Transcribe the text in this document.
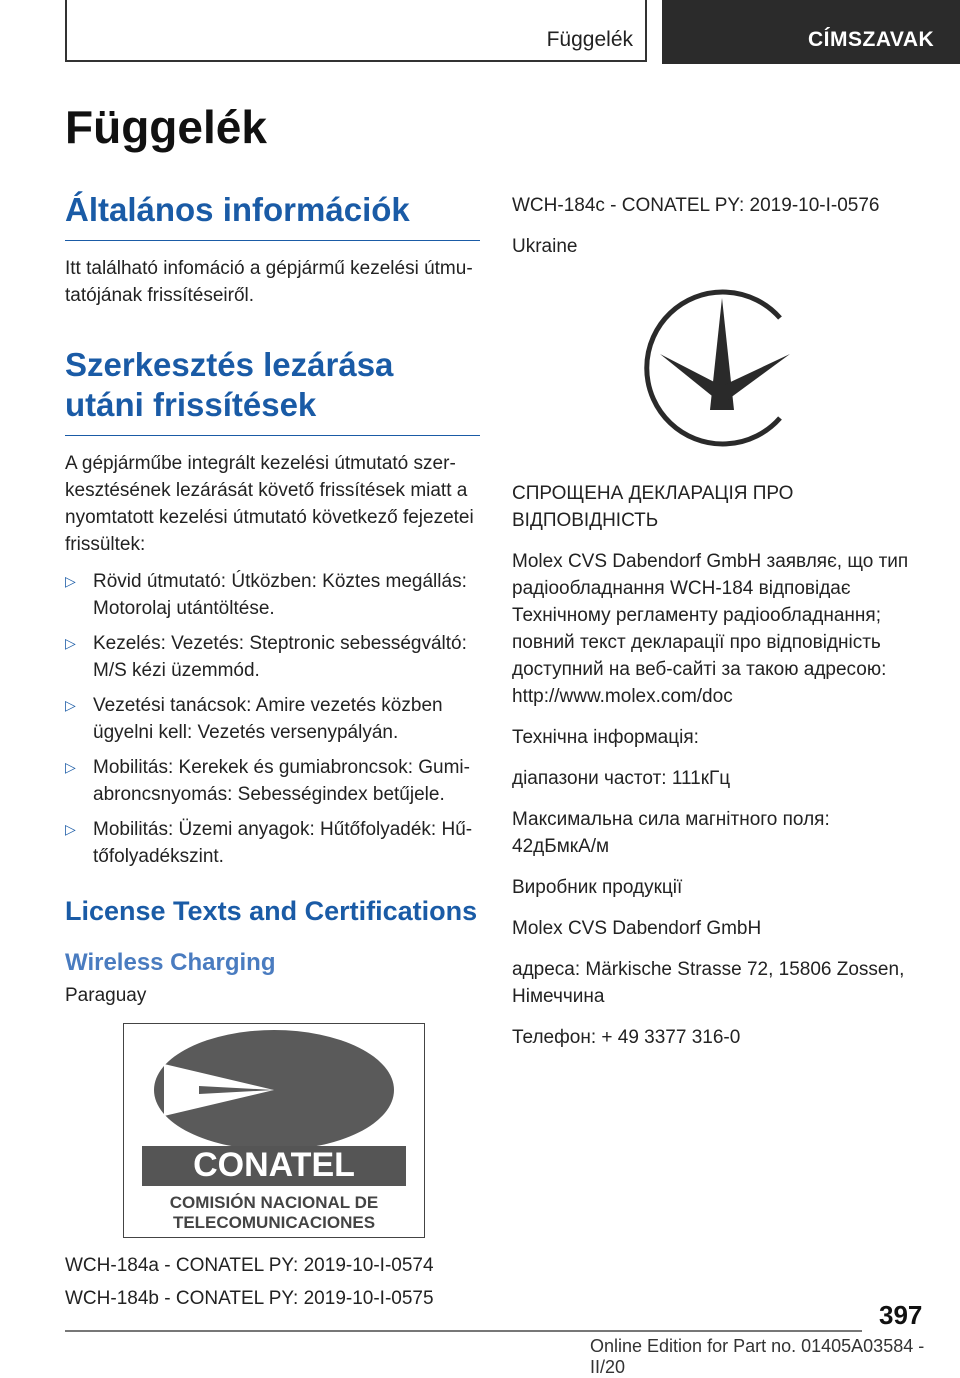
Függelék	CÍMSZAVAK
Függelék
Általános információk

Itt található infomáció a gépjármű kezelési útmutatójának frissítéseiről.

Szerkesztés lezárása utáni frissítések

A gépjárműbe integrált kezelési útmutató szerkesztésének lezárását követő frissítések miatt a nyomtatott kezelési útmutató következő fejezetei frissültek:

▷ Rövid útmutató: Útközben: Köztes megállás: Motorolaj utántöltése.
▷ Kezelés: Vezetés: Steptronic sebességváltó: M/S kézi üzemmód.
▷ Vezetési tanácsok: Amire vezetés közben ügyelni kell: Vezetés versenypályán.
▷ Mobilitás: Kerekek és gumiabroncsok: Gumiabroncsnyomás: Sebességindex betűjele.
▷ Mobilitás: Üzemi anyagok: Hűtőfolyadék: Hűtőfolyadékszint.
License Texts and Certifications
Wireless Charging

Paraguay

CONATEL
COMISIÓN NACIONAL DE
TELECOMUNICACIONES

WCH-184a - CONATEL PY: 2019-10-I-0574

WCH-184b - CONATEL PY: 2019-10-I-0575

WCH-184c - CONATEL PY: 2019-10-I-0576

Ukraine

СПРОЩЕНА ДЕКЛАРАЦІЯ ПРО ВІДПОВІДНІСТЬ

Molex CVS Dabendorf GmbH заявляє, що тип радіообладнання WCH-184 відповідає Технічному регламенту радіообладнання; повний текст декларації про відповідність доступний на веб-сайті за такою адресою: http://www.molex.com/doc

Технічна інформація:

діапазони частот: 111кГц

Максимальна сила магнітного поля: 42дБмкА/м

Виробник продукції

Molex CVS Dabendorf GmbH

адреса: Märkische Strasse 72, 15806 Zossen, Німеччина

Телефон: + 49 3377 316-0

397
Online Edition for Part no. 01405A03584 - II/20
